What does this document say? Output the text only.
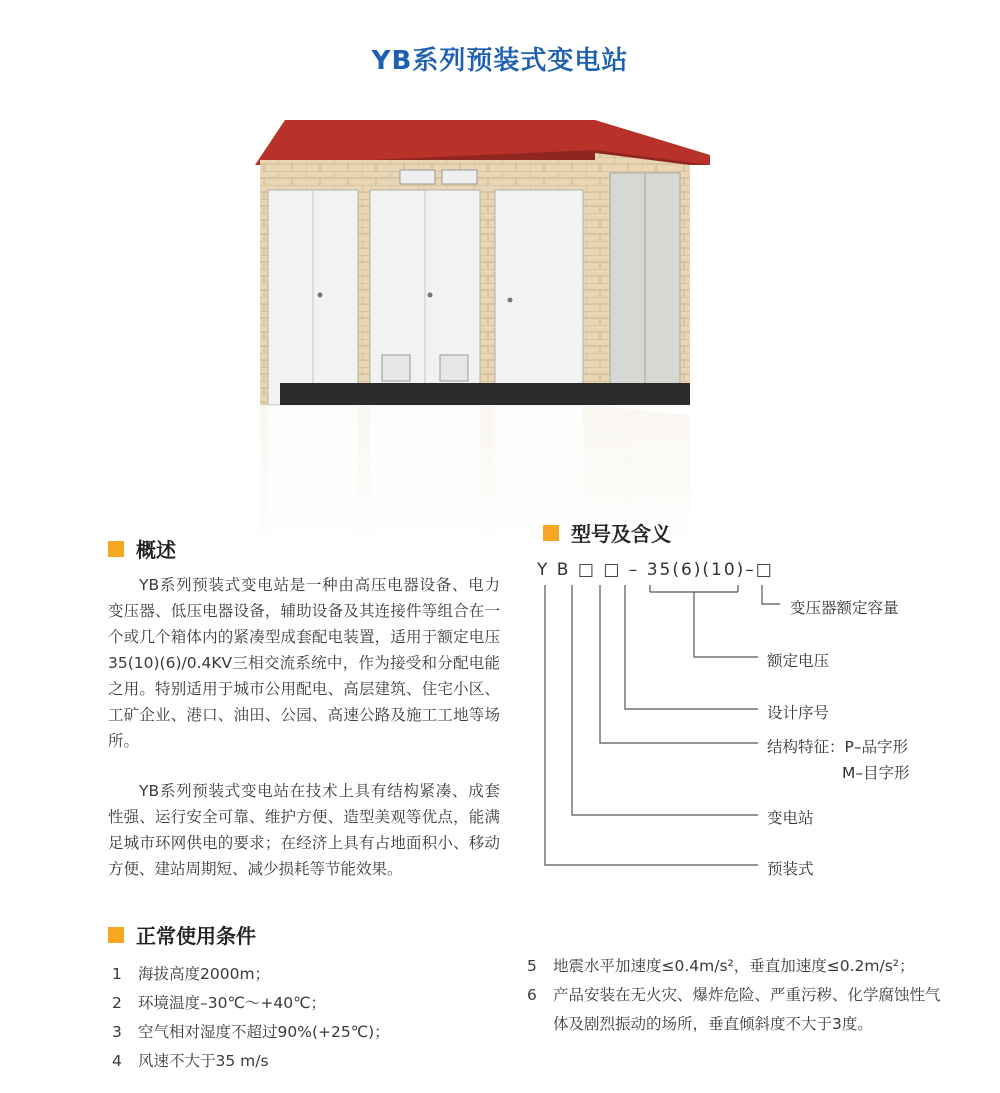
YB系列预装式变电站
概述

YB系列预装式变电站是一种由高压电器设备、电力变压器、低压电器设备，辅助设备及其连接件等组合在一个或几个箱体内的紧凑型成套配电装置，适用于额定电压35(10)(6)/0.4KV三相交流系统中，作为接受和分配电能之用。特别适用于城市公用配电、高层建筑、住宅小区、工矿企业、港口、油田、公园、高速公路及施工工地等场所。

YB系列预装式变电站在技术上具有结构紧凑、成套性强、运行安全可靠、维护方便、造型美观等优点，能满足城市环网供电的要求；在经济上具有占地面积小、移动方便、建站周期短、减少损耗等节能效果。

型号及含义
Y B □ □ – 35(6)(10)–□
变压器额定容量
额定电压
设计序号
结构特征：P–品字形
M–目字形
变电站
预装式
正常使用条件
1	海拔高度2000m；
2	环境温度–30℃～+40℃；
3	空气相对湿度不超过90%(+25℃)；
4	风速不大于35 m/s
5	地震水平加速度≤0.4m/s²，垂直加速度≤0.2m/s²；
6	产品安装在无火灾、爆炸危险、严重污秽、化学腐蚀性气体及剧烈振动的场所，垂直倾斜度不大于3度。
